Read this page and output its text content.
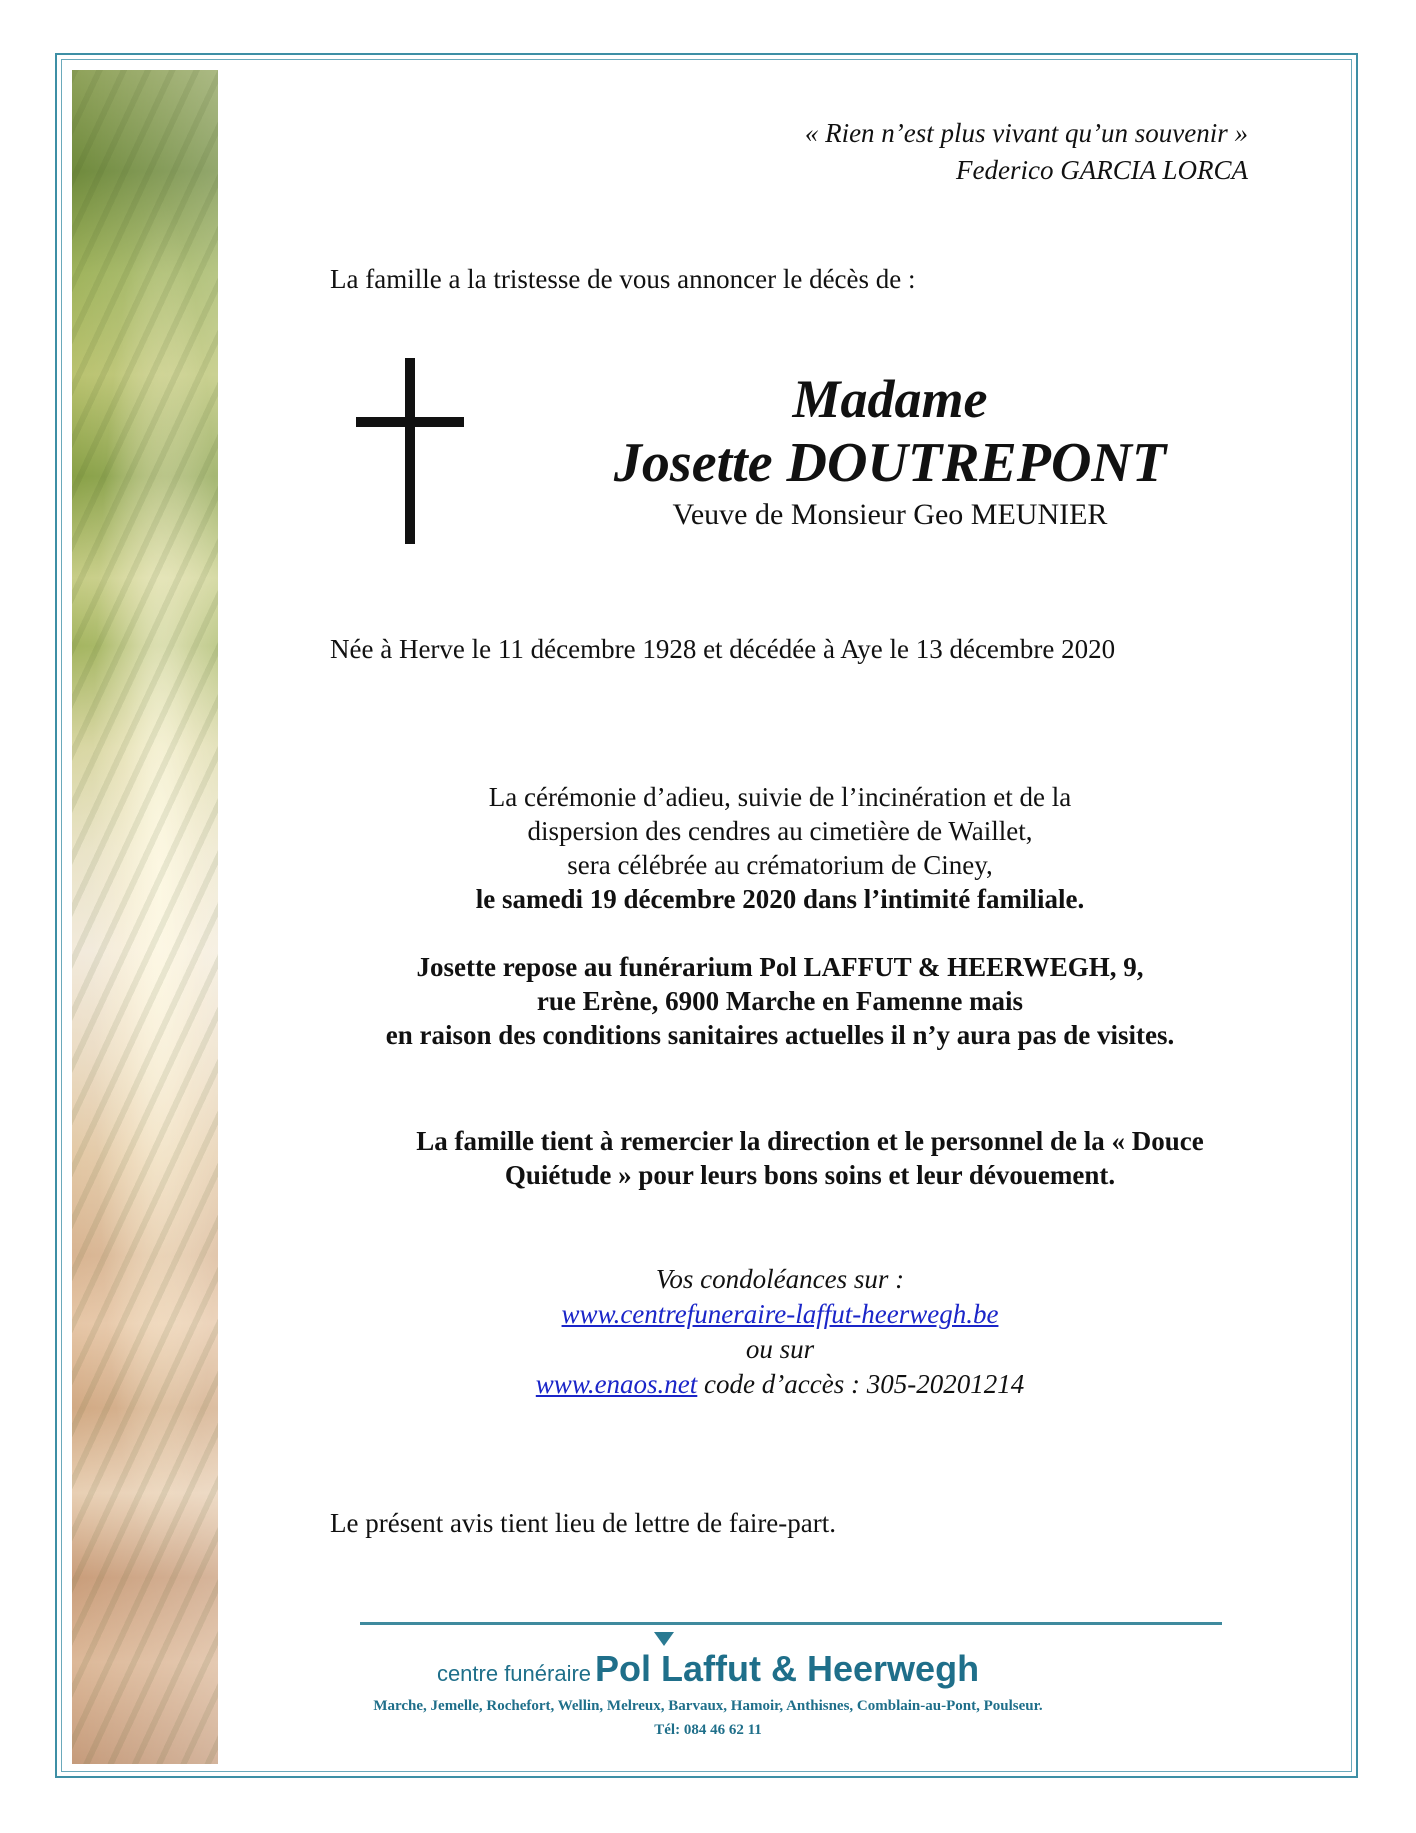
« Rien n’est plus vivant qu’un souvenir »
Federico GARCIA LORCA
La famille a la tristesse de vous annoncer le décès de :
Madame
Josette DOUTREPONT
Veuve de Monsieur Geo MEUNIER
Née à Herve le 11 décembre 1928 et décédée à Aye le 13 décembre 2020
La cérémonie d’adieu, suivie de l’incinération et de la
dispersion des cendres au cimetière de Waillet,
sera célébrée au crématorium de Ciney,
le samedi 19 décembre 2020 dans l’intimité familiale.
Josette repose au funérarium Pol LAFFUT & HEERWEGH, 9,
rue Erène, 6900 Marche en Famenne mais
en raison des conditions sanitaires actuelles il n’y aura pas de visites.
La famille tient à remercier la direction et le personnel de la « Douce
Quiétude » pour leurs bons soins et leur dévouement.
Vos condoléances sur :
www.centrefuneraire-laffut-heerwegh.be
ou sur
www.enaos.net code d’accès : 305-20201214
Le présent avis tient lieu de lettre de faire-part.
centre funéraire Pol Laffut & Heerwegh
Marche, Jemelle, Rochefort, Wellin, Melreux, Barvaux, Hamoir, Anthisnes, Comblain-au-Pont, Poulseur.
Tél: 084 46 62 11
